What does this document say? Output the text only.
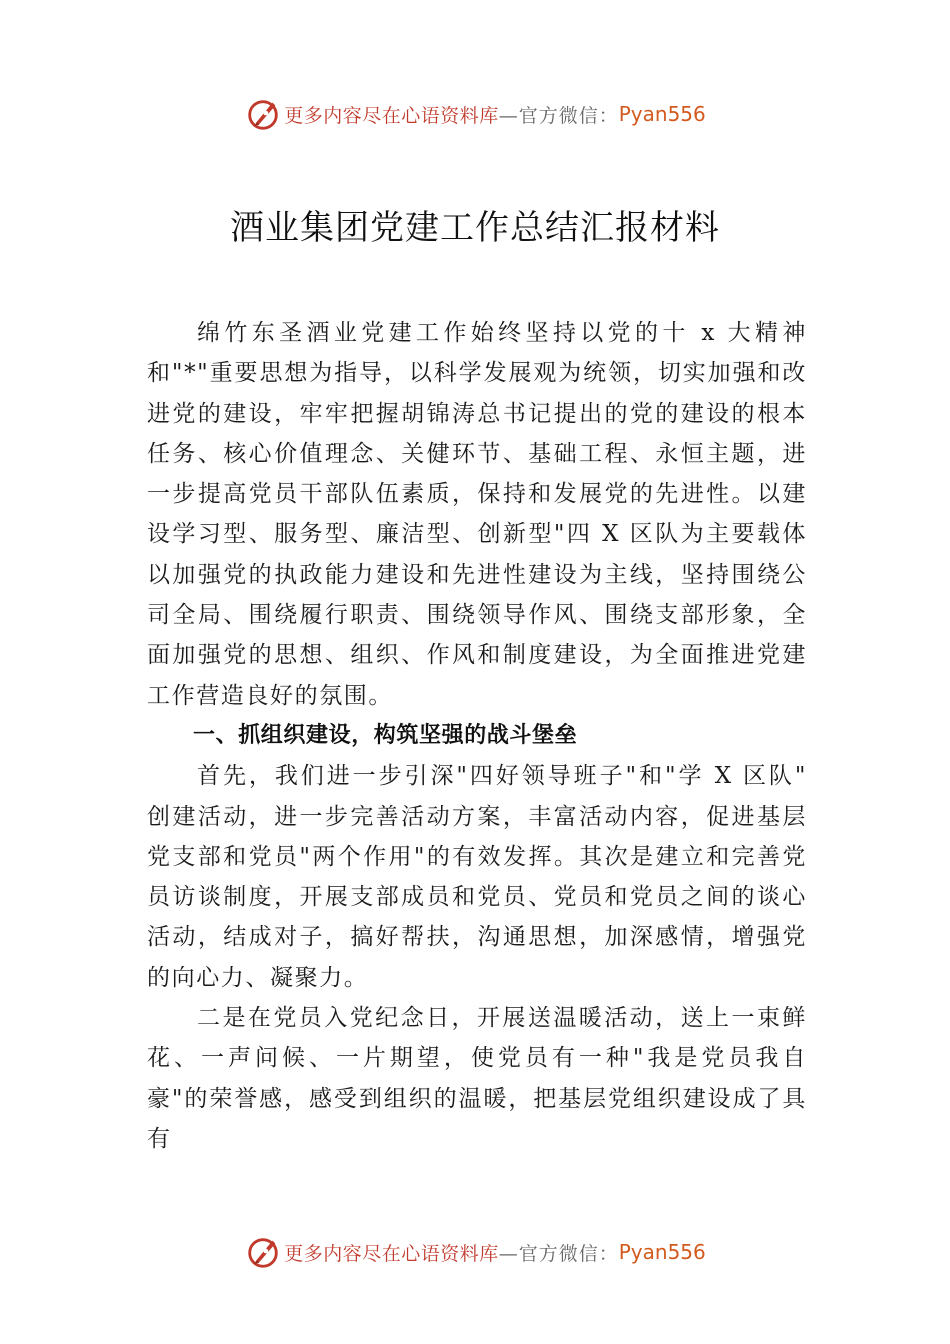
更多内容尽在心语资料库 —官方微信： Pyan556
酒业集团党建工作总结汇报材料

绵竹东圣酒业党建工作始终坚持以党的十 x 大精神和"*"重要思想为指导，以科学发展观为统领，切实加强和改进党的建设，牢牢把握胡锦涛总书记提出的党的建设的根本任务、核心价值理念、关健环节、基础工程、永恒主题，进一步提高党员干部队伍素质，保持和发展党的先进性。以建设学习型、服务型、廉洁型、创新型"四 X 区队为主要载体 以加强党的执政能力建设和先进性建设为主线，坚持围绕公司全局、围绕履行职责、围绕领导作风、围绕支部形象，全面加强党的思想、组织、作风和制度建设，为全面推进党建工作营造良好的氛围。

一、抓组织建设，构筑坚强的战斗堡垒

首先，我们进一步引深"四好领导班子"和"学 X 区队" 创建活动，进一步完善活动方案，丰富活动内容，促进基层党支部和党员"两个作用"的有效发挥。其次是建立和完善党员访谈制度，开展支部成员和党员、党员和党员之间的谈心活动，结成对子，搞好帮扶，沟通思想，加深感情，增强党的向心力、凝聚力。

二是在党员入党纪念日，开展送温暖活动，送上一束鲜花、一声问候、一片期望，使党员有一种"我是党员我自豪"的荣誉感，感受到组织的温暖，把基层党组织建设成了具有

更多内容尽在心语资料库 —官方微信： Pyan556
